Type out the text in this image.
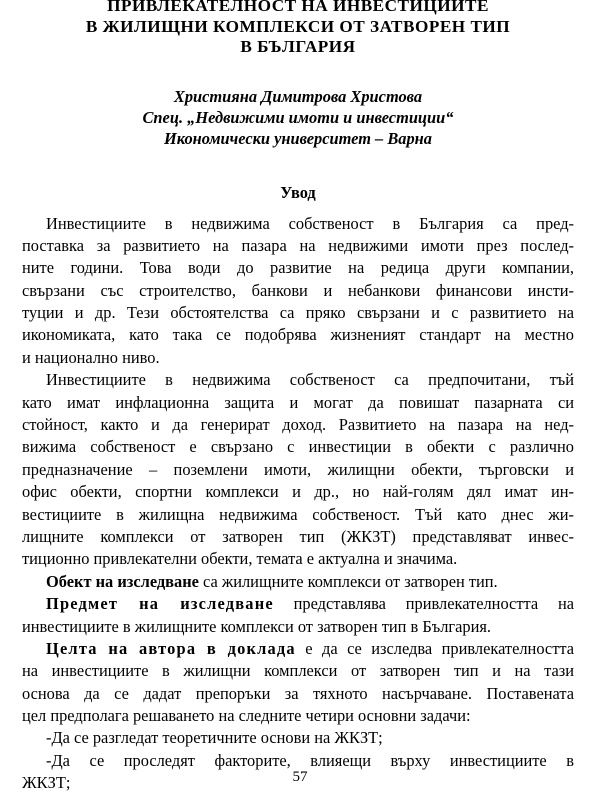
ПРИВЛЕКАТЕЛНОСТ НА ИНВЕСТИЦИИТЕ
В ЖИЛИЩНИ КОМПЛЕКСИ ОТ ЗАТВОРЕН ТИП
В БЪЛГАРИЯ
Християна Димитрова Христова
Спец. „Недвижими имоти и инвестиции“
Икономически университет – Варна
Увод
Инвестициите в недвижима собственост в България са пред-
поставка за развитието на пазара на недвижими имоти през послед-
ните години. Това води до развитие на редица други компании,
свързани със строителство, банкови и небанкови финансови инсти-
туции и др. Тези обстоятелства са пряко свързани и с развитието на
икономиката, като така се подобрява жизненият стандарт на местно
и национално ниво.
Инвестициите в недвижима собственост са предпочитани, тъй
като имат инфлационна защита и могат да повишат пазарната си
стойност, както и да генерират доход. Развитието на пазара на нед-
вижима собственост е свързано с инвестиции в обекти с различно
предназначение – поземлени имоти, жилищни обекти, търговски и
офис обекти, спортни комплекси и др., но най-голям дял имат ин-
вестициите в жилищна недвижима собственост. Тъй като днес жи-
лищните комплекси от затворен тип (ЖКЗТ) представляват инвес-
тиционно привлекателни обекти, темата е актуална и значима.
Обект на изследване са жилищните комплекси от затворен тип.
Предмет на изследване представлява привлекателността на
инвестициите в жилищните комплекси от затворен тип в България.
Целта на автора в доклада е да се изследва привлекателността
на инвестициите в жилищни комплекси от затворен тип и на тази
основа да се дадат препоръки за тяхното насърчаване. Поставената
цел предполага решаването на следните четири основни задачи:
-Да се разгледат теоретичните основи на ЖКЗТ;
-Да се проследят факторите, влияещи върху инвестициите в
ЖКЗТ;	57
